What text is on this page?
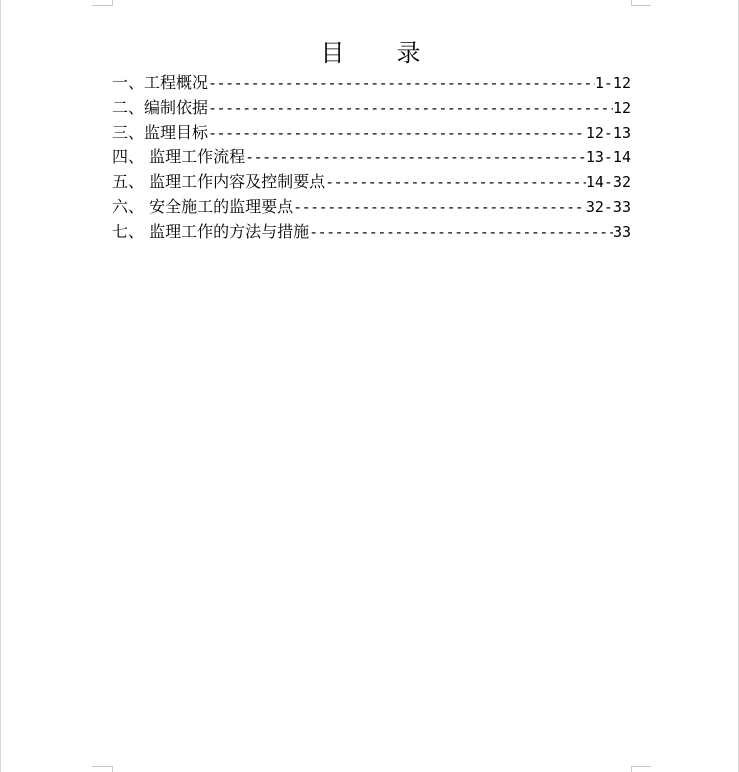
目 录
一、工程概况 -----	1-12
二、编制依据 -----	12
三、监理目标 -----	12-13
四、 监理工作流程 -----	13-14
五、 监理工作内容及控制要点 -----	14-32
六、 安全施工的监理要点 -----	32-33
七、 监理工作的方法与措施 -----	33
